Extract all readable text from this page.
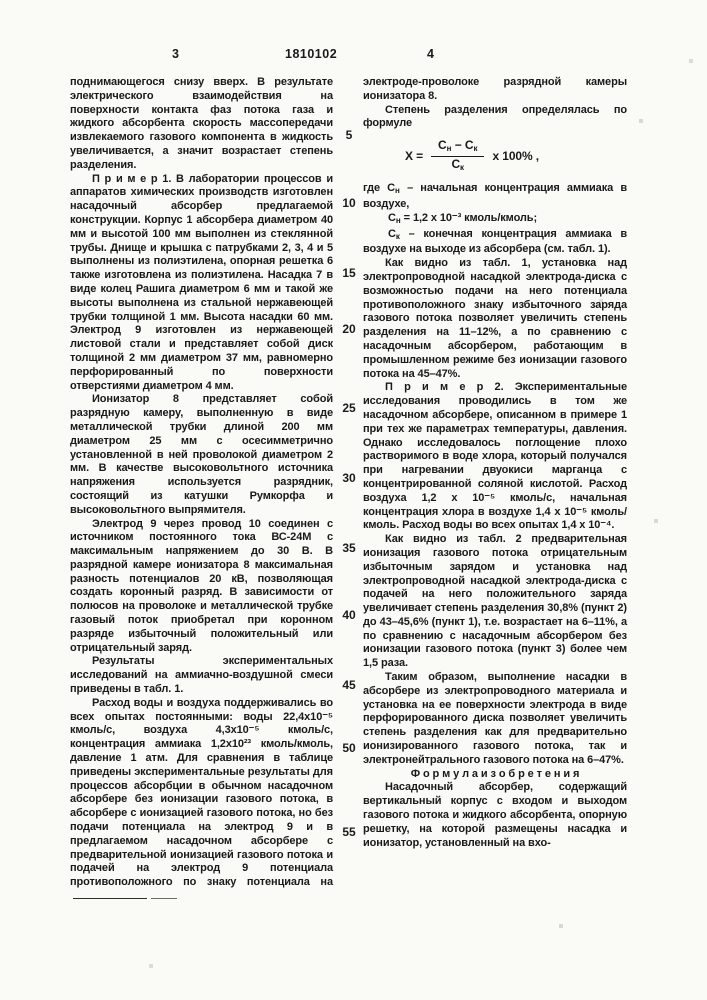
3	1810102	4
поднимающегося снизу вверх. В результате электрического взаимодействия на поверхности контакта фаз потока газа и жидкого абсорбента скорость массопередачи извлекаемого газового компонента в жидкость увеличивается, а значит возрастает степень разделения.
П р и м е р 1. В лаборатории процессов и аппаратов химических производств изготовлен насадочный абсорбер предлагаемой конструкции. Корпус 1 абсорбера диаметром 40 мм и высотой 100 мм выполнен из стеклянной трубы. Днище и крышка с патрубками 2, 3, 4 и 5 выполнены из полиэтилена, опорная решетка 6 также изготовлена из полиэтилена. Насадка 7 в виде колец Рашига диаметром 6 мм и такой же высоты выполнена из стальной нержавеющей трубки толщиной 1 мм. Высота насадки 60 мм. Электрод 9 изготовлен из нержавеющей листовой стали и представляет собой диск толщиной 2 мм диаметром 37 мм, равномерно перфорированный по поверхности отверстиями диаметром 4 мм.
Ионизатор 8 представляет собой разрядную камеру, выполненную в виде металлической трубки длиной 200 мм диаметром 25 мм с осесимметрично установленной в ней проволокой диаметром 2 мм. В качестве высоковольтного источника напряжения используется разрядник, состоящий из катушки Румкорфа и высоковольтного выпрямителя.
Электрод 9 через провод 10 соединен с источником постоянного тока ВС-24М с максимальным напряжением до 30 В. В разрядной камере ионизатора 8 максимальная разность потенциалов 20 кВ, позволяющая создать коронный разряд. В зависимости от полюсов на проволоке и металлической трубке газовый поток приобретал при коронном разряде избыточный положительный или отрицательный заряд.
Результаты экспериментальных исследований на аммиачно-воздушной смеси приведены в табл. 1.
Расход воды и воздуха поддерживались во всех опытах постоянными: воды 22,4x10⁻⁵ кмоль/с, воздуха 4,3x10⁻⁵ кмоль/с, концентрация аммиака 1,2x10²³ кмоль/кмоль, давление 1 атм. Для сравнения в таблице приведены экспериментальные результаты для процессов абсорбции в обычном насадочном абсорбере без ионизации газового потока, в абсорбере с ионизацией газового потока, но без подачи потенциала на электрод 9 и в предлагаемом насадочном абсорбере с предварительной ионизацией газового потока и подачей на электрод 9 потенциала противоположного по знаку потенциала на
5
10
15
20
25
30
35
40
45
50
55
электроде-проволоке разрядной камеры ионизатора 8.
Степень разделения определялась по формуле
$X = \frac{Сн - Ск}{Ск}$ x 100% ,
где Сн – начальная концентрация аммиака в воздухе,
Сн = 1,2 x 10⁻³ кмоль/кмоль;
Ск – конечная концентрация аммиака в воздухе на выходе из абсорбера (см. табл. 1).
Как видно из табл. 1, установка над электропроводной насадкой электрода-диска с возможностью подачи на него потенциала противоположного знаку избыточного заряда газового потока позволяет увеличить степень разделения на 11–12%, а по сравнению с насадочным абсорбером, работающим в промышленном режиме без ионизации газового потока на 45–47%.
П р и м е р 2. Экспериментальные исследования проводились в том же насадочном абсорбере, описанном в примере 1 при тех же параметрах температуры, давления. Однако исследовалось поглощение плохо растворимого в воде хлора, который получался при нагревании двуокиси марганца с концентрированной соляной кислотой. Расход воздуха 1,2 x 10⁻⁵ кмоль/с, начальная концентрация хлора в воздухе 1,4 x 10⁻⁵ кмоль/кмоль. Расход воды во всех опытах 1,4 x 10⁻⁴.
Как видно из табл. 2 предварительная ионизация газового потока отрицательным избыточным зарядом и установка над электропроводной насадкой электрода-диска с подачей на него положительного заряда увеличивает степень разделения 30,8% (пункт 2) до 43–45,6% (пункт 1), т.е. возрастает на 6–11%, а по сравнению с насадочным абсорбером без ионизации газового потока (пункт 3) более чем 1,5 раза.
Таким образом, выполнение насадки в абсорбере из электропроводного материала и установка на ее поверхности электрода в виде перфорированного диска позволяет увеличить степень разделения как для предварительно ионизированного газового потока, так и электронейтрального газового потока на 6–47%.
Ф о р м у л а и з о б р е т е н и я
Насадочный абсорбер, содержащий вертикальный корпус с входом и выходом газового потока и жидкого абсорбента, опорную решетку, на которой размещены насадка и ионизатор, установленный на вхо-
